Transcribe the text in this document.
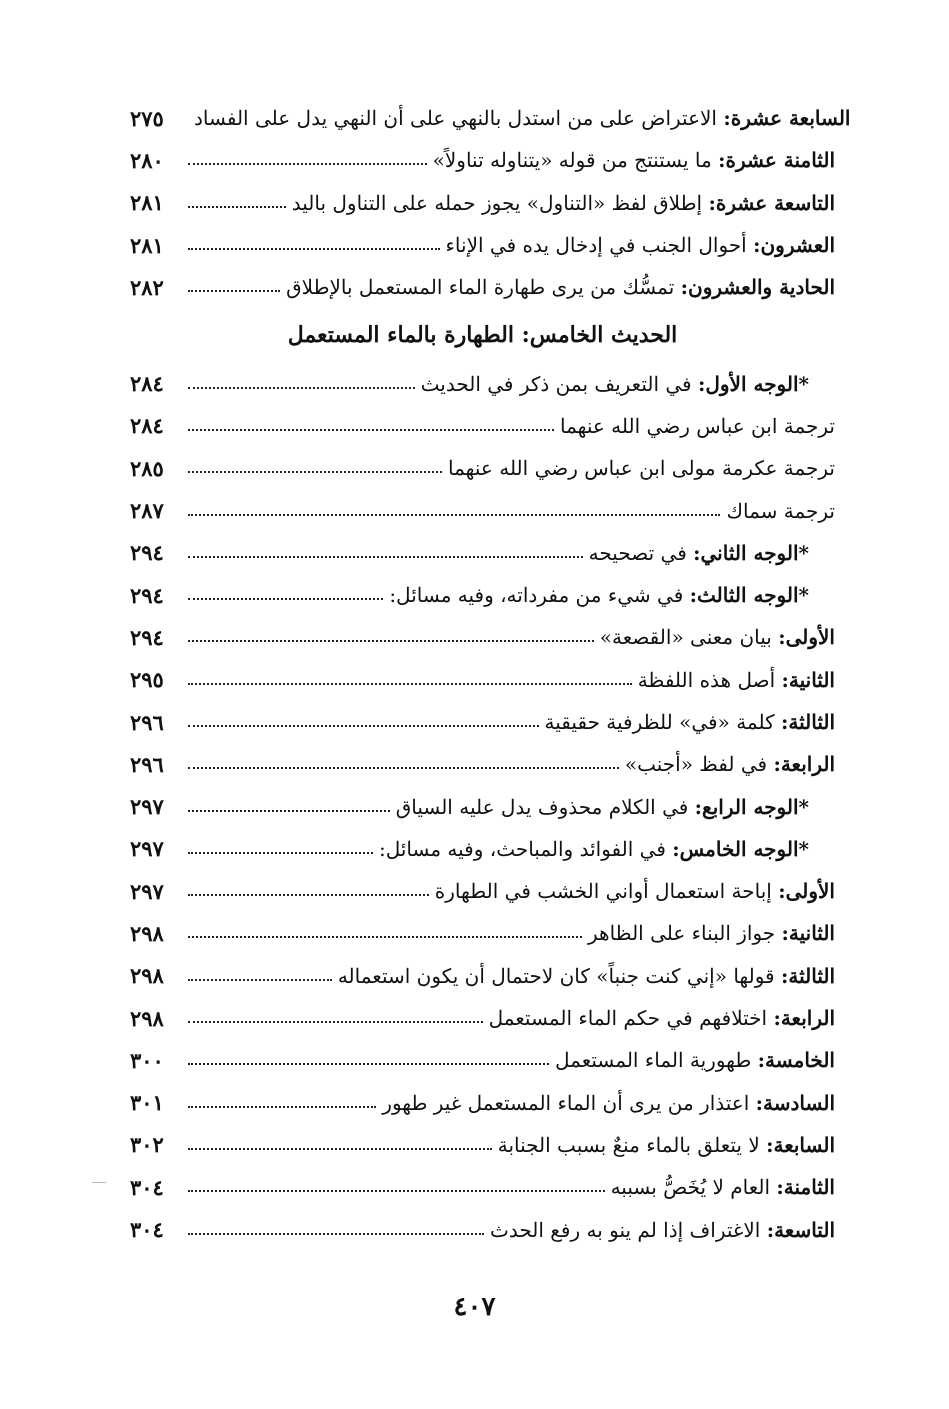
٢٧٥	السابعة عشرة: الاعتراض على من استدل بالنهي على أن النهي يدل على الفساد
٢٨٠	الثامنة عشرة: ما يستنتج من قوله «يتناوله تناولاً»
٢٨١	التاسعة عشرة: إطلاق لفظ «التناول» يجوز حمله على التناول باليد
٢٨١	العشرون: أحوال الجنب في إدخال يده في الإناء
٢٨٢	الحادية والعشرون: تمسُّك من يرى طهارة الماء المستعمل بالإطلاق
الحديث الخامس: الطهارة بالماء المستعمل
٢٨٤	*الوجه الأول: في التعريف بمن ذكر في الحديث
٢٨٤	ترجمة ابن عباس رضي الله عنهما
٢٨٥	ترجمة عكرمة مولى ابن عباس رضي الله عنهما
٢٨٧	ترجمة سماك
٢٩٤	*الوجه الثاني: في تصحيحه
٢٩٤	*الوجه الثالث: في شيء من مفرداته، وفيه مسائل:
٢٩٤	الأولى: بيان معنى «القصعة»
٢٩٥	الثانية: أصل هذه اللفظة
٢٩٦	الثالثة: كلمة «في» للظرفية حقيقية
٢٩٦	الرابعة: في لفظ «أجنب»
٢٩٧	*الوجه الرابع: في الكلام محذوف يدل عليه السياق
٢٩٧	*الوجه الخامس: في الفوائد والمباحث، وفيه مسائل:
٢٩٧	الأولى: إباحة استعمال أواني الخشب في الطهارة
٢٩٨	الثانية: جواز البناء على الظاهر
٢٩٨	الثالثة: قولها «إني كنت جنباً» كان لاحتمال أن يكون استعماله
٢٩٨	الرابعة: اختلافهم في حكم الماء المستعمل
٣٠٠	الخامسة: طهورية الماء المستعمل
٣٠١	السادسة: اعتذار من يرى أن الماء المستعمل غير طهور
٣٠٢	السابعة: لا يتعلق بالماء منعٌ بسبب الجنابة
٣٠٤	الثامنة: العام لا يُخَصُّ بسببه
٣٠٤	التاسعة: الاغتراف إذا لم ينو به رفع الحدث
٤٠٧
